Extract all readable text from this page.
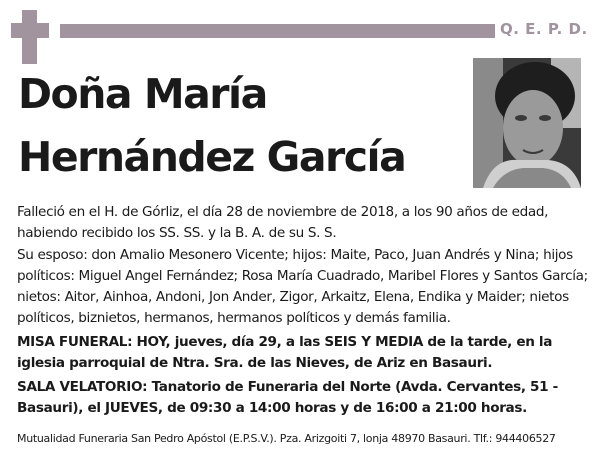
Q. E. P. D.
Doña María
Hernández García
Falleció en el H. de Górliz, el día 28 de noviembre de 2018, a los 90 años de edad, habiendo recibido los SS. SS. y la B. A. de su S. S.
Su esposo: don Amalio Mesonero Vicente; hijos: Maite, Paco, Juan Andrés y Nina; hijos políticos: Miguel Angel Fernández; Rosa María Cuadrado, Maribel Flores y Santos García; nietos: Aitor, Ainhoa, Andoni, Jon Ander, Zigor, Arkaitz, Elena, Endika y Maider; nietos políticos, biznietos, hermanos, hermanos políticos y demás familia.
MISA FUNERAL: HOY, jueves, día 29, a las SEIS Y MEDIA de la tarde, en la iglesia parroquial de Ntra. Sra. de las Nieves, de Ariz en Basauri.
SALA VELATORIO: Tanatorio de Funeraria del Norte (Avda. Cervantes, 51 - Basauri), el JUEVES, de 09:30 a 14:00 horas y de 16:00 a 21:00 horas.
Mutualidad Funeraria San Pedro Apóstol (E.P.S.V.). Pza. Arizgoiti 7, lonja 48970 Basauri. Tlf.: 944406527
